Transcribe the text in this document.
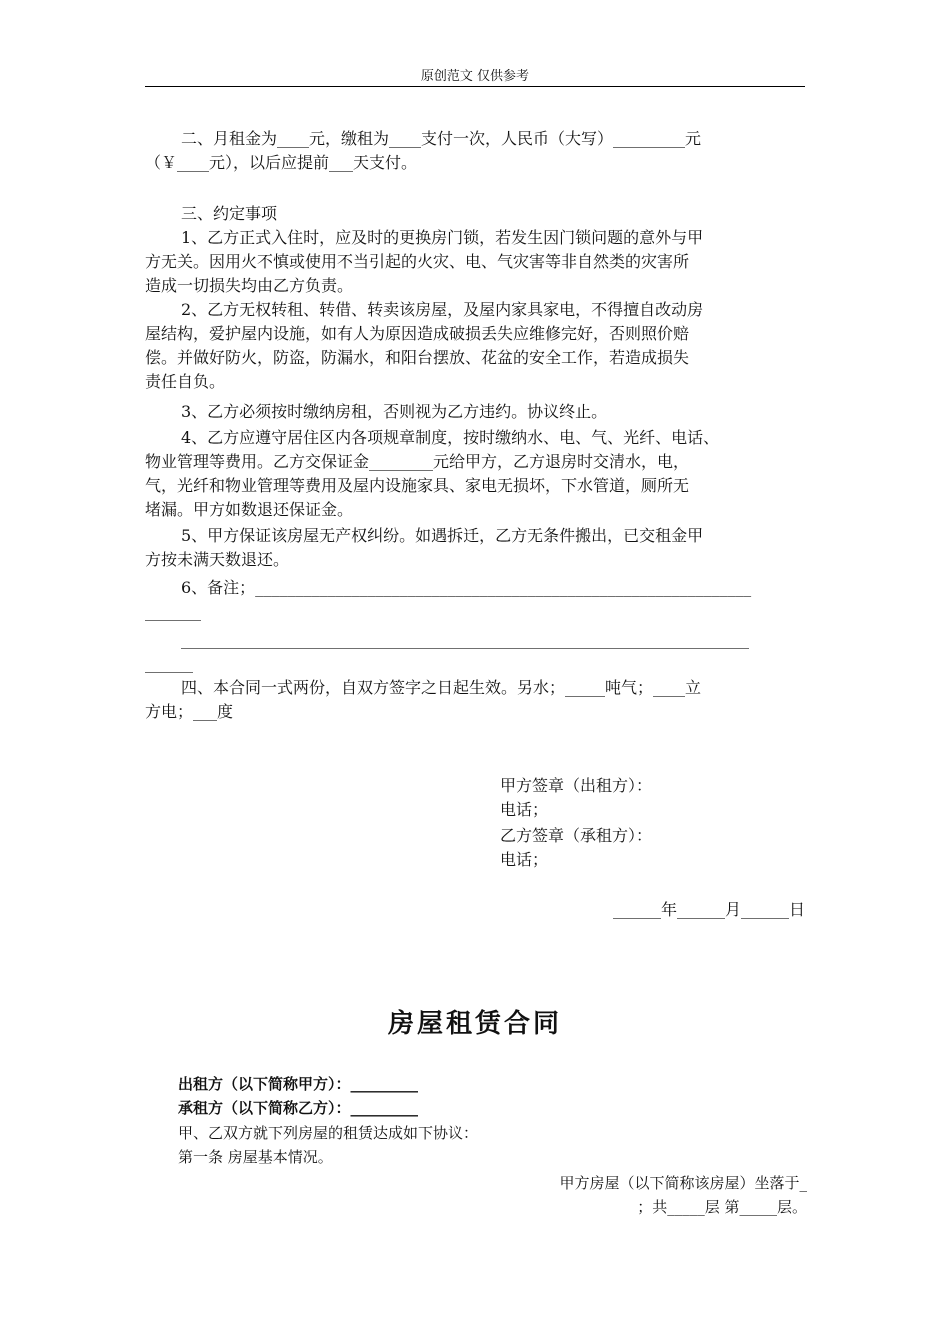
原创范文 仅供参考
二、月租金为____元，缴租为____支付一次，人民币（大写）_________元
（￥____元），以后应提前___天支付。
三、约定事项
1、乙方正式入住时，应及时的更换房门锁，若发生因门锁问题的意外与甲
方无关。因用火不慎或使用不当引起的火灾、电、气灾害等非自然类的灾害所
造成一切损失均由乙方负责。
2、乙方无权转租、转借、转卖该房屋，及屋内家具家电，不得擅自改动房
屋结构，爱护屋内设施，如有人为原因造成破损丢失应维修完好，否则照价赔
偿。并做好防火，防盗，防漏水，和阳台摆放、花盆的安全工作，若造成损失
责任自负。
3、乙方必须按时缴纳房租，否则视为乙方违约。协议终止。
4、乙方应遵守居住区内各项规章制度，按时缴纳水、电、气、光纤、电话、
物业管理等费用。乙方交保证金________元给甲方，乙方退房时交清水，电，
气，光纤和物业管理等费用及屋内设施家具、家电无损坏，下水管道，厕所无
堵漏。甲方如数退还保证金。
5、甲方保证该房屋无产权纠纷。如遇拆迁，乙方无条件搬出，已交租金甲
方按未满天数退还。
6、备注；______________________________________________________________
_______
_______________________________________________________________________
______
四、本合同一式两份，自双方签字之日起生效。另水；_____吨气；____立
方电；___度
甲方签章（出租方）：
电话；
乙方签章（承租方）：
电话；
______年______月______日
房屋租赁合同
出租方（以下简称甲方）：_________
承租方（以下简称乙方）：_________
甲、乙双方就下列房屋的租赁达成如下协议：
第一条 房屋基本情况。
甲方房屋（以下简称该房屋）坐落于_
；共_____层 第_____层。
